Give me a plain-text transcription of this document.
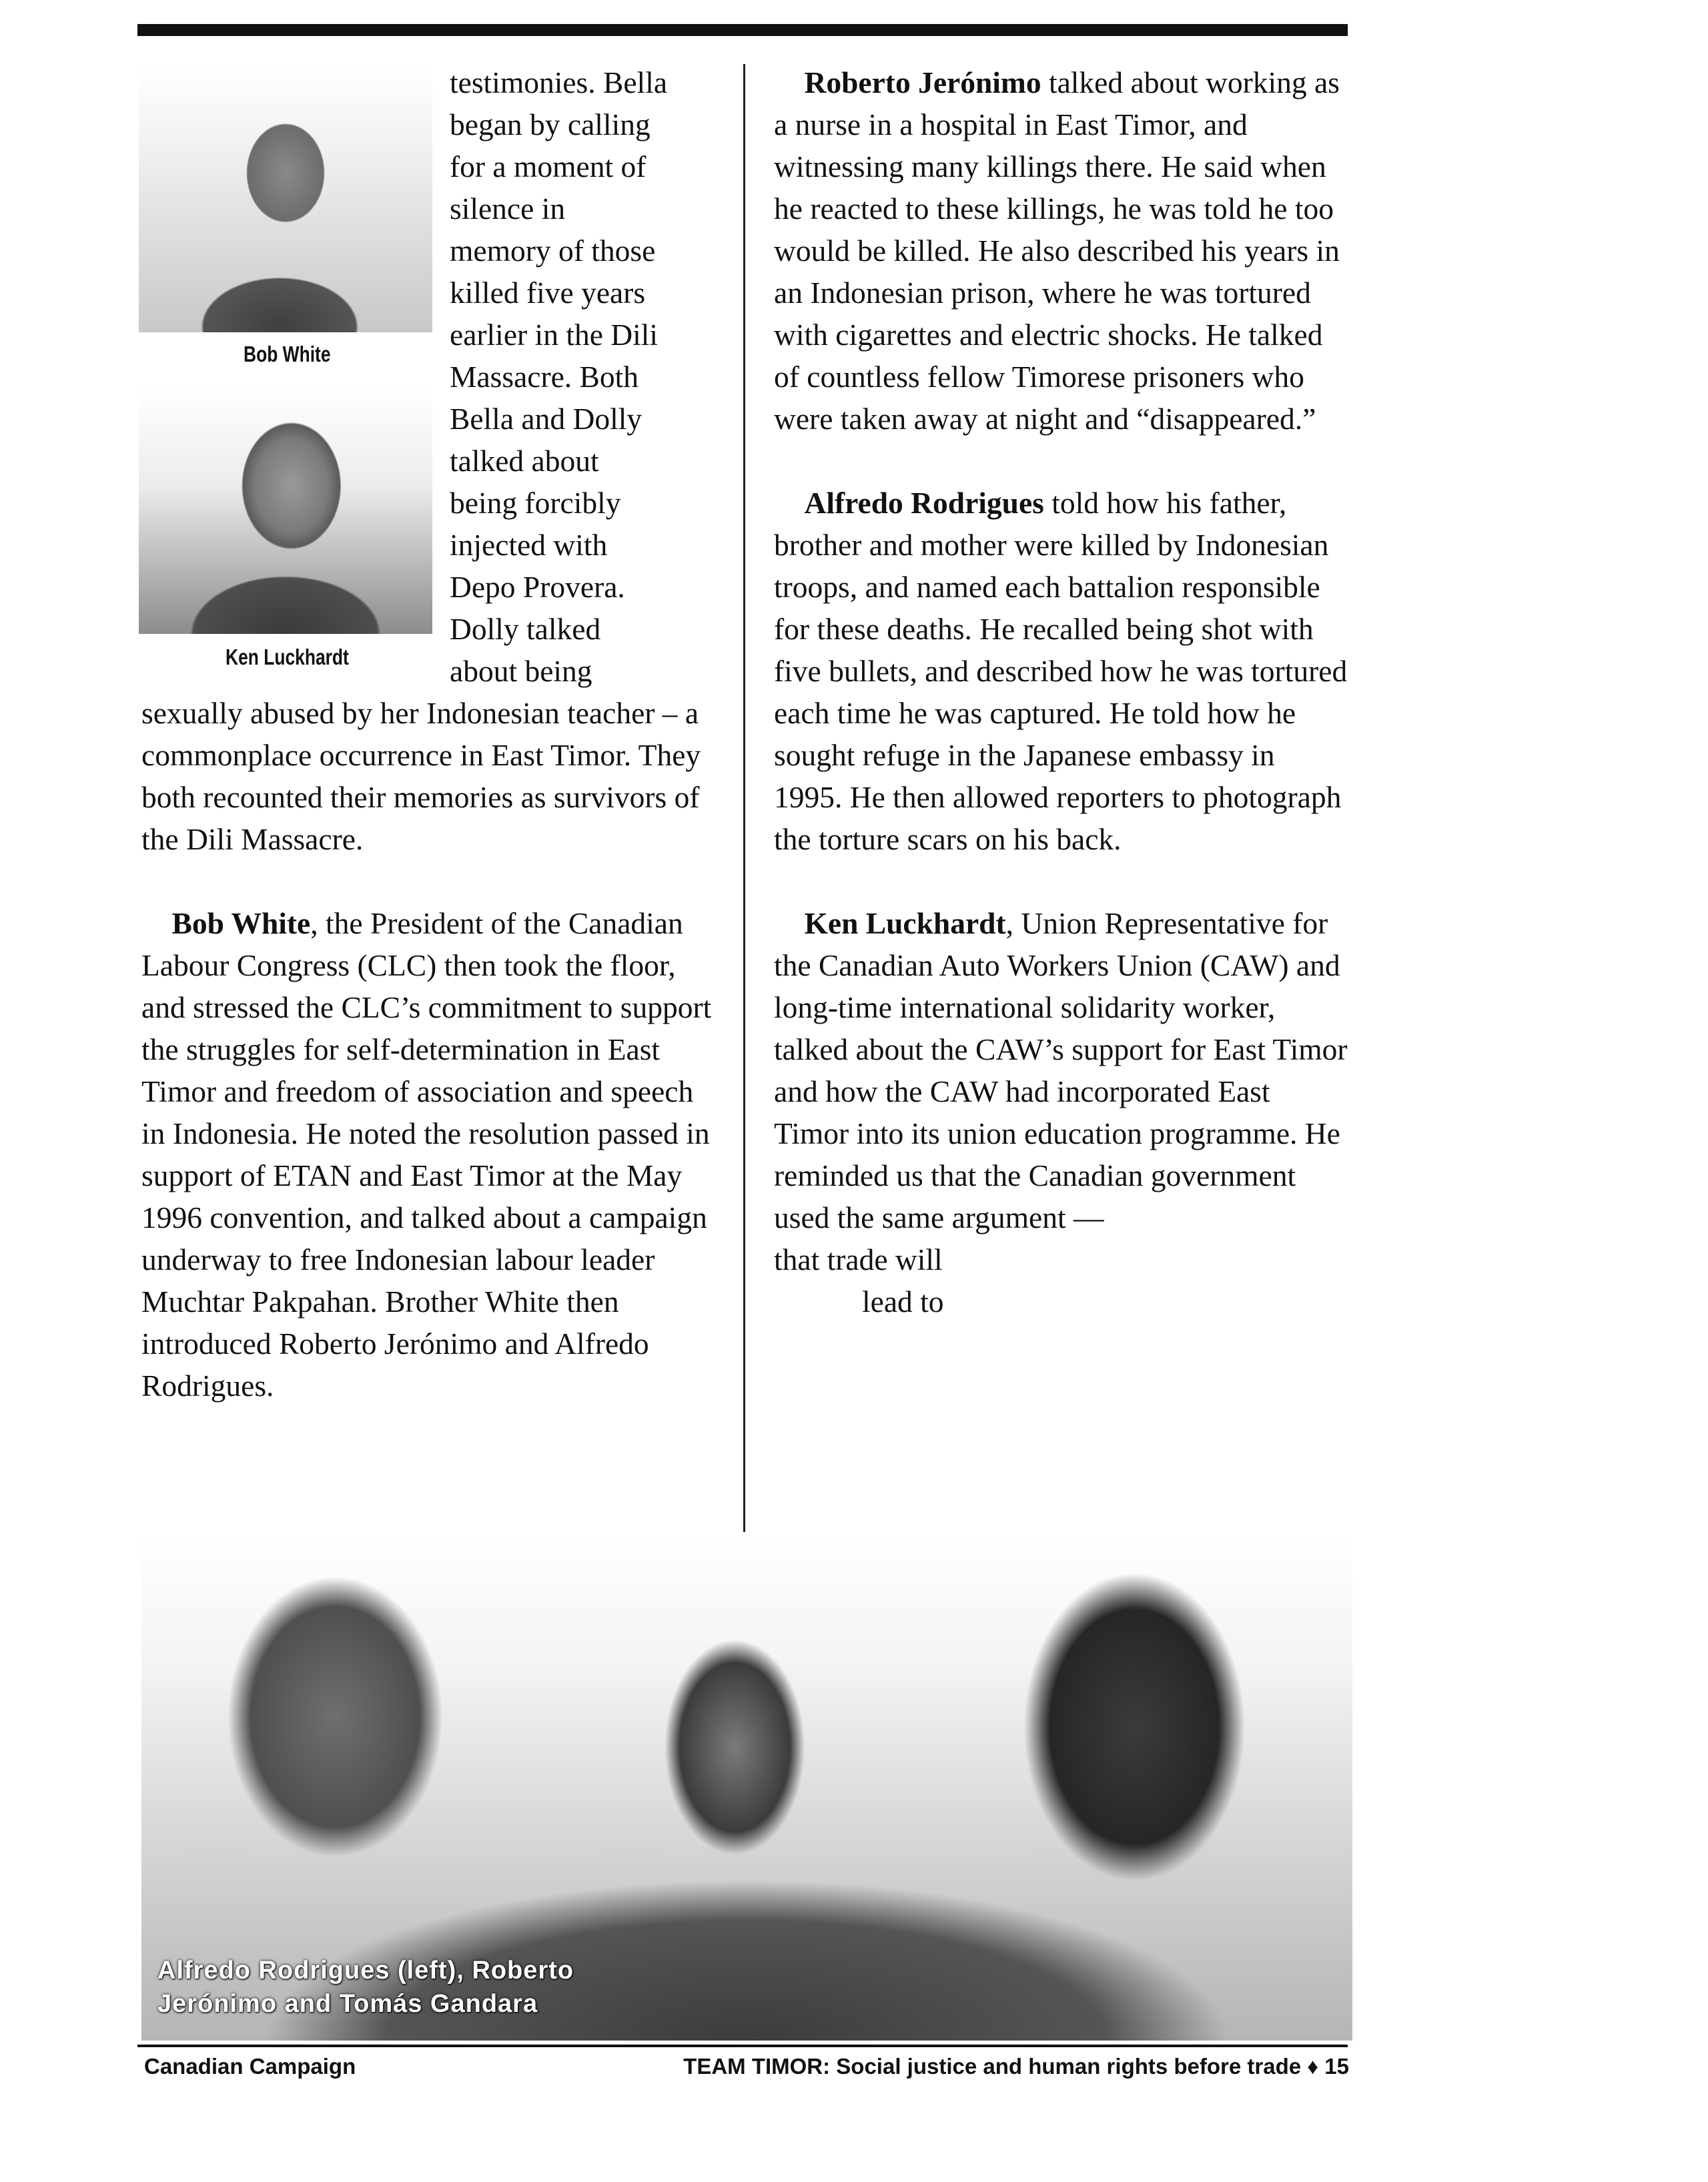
Bob White
Ken Luckhardt
testimonies. Bella
began by calling
for a moment of
silence in
memory of those
killed five years
earlier in the Dili
Massacre. Both
Bella and Dolly
talked about
being forcibly
injected with
Depo Provera.
Dolly talked
about being

sexually abused by her Indonesian teacher – a commonplace occurrence in East Timor. They both recounted their memories as survivors of the Dili Massacre.

 Bob White, the President of the Canadian Labour Congress (CLC) then took the floor, and stressed the CLC’s commitment to support the struggles for self-determination in East Timor and freedom of association and speech in Indonesia. He noted the resolution passed in support of ETAN and East Timor at the May 1996 convention, and talked about a campaign underway to free Indonesian labour leader Muchtar Pakpahan. Brother White then introduced Roberto Jerónimo and Alfredo Rodrigues.

 Roberto Jerónimo talked about working as a nurse in a hospital in East Timor, and witnessing many killings there. He said when he reacted to these killings, he was told he too would be killed. He also described his years in an Indonesian prison, where he was tortured with cigarettes and electric shocks. He talked of countless fellow Timorese prisoners who were taken away at night and “disappeared.”

 Alfredo Rodrigues told how his father, brother and mother were killed by Indonesian troops, and named each battalion responsible for these deaths. He recalled being shot with five bullets, and described how he was tortured each time he was captured. He told how he sought refuge in the Japanese embassy in 1995. He then allowed reporters to photograph the torture scars on his back.

 Ken Luckhardt, Union Representative for the Canadian Auto Workers Union (CAW) and long-time international solidarity worker, talked about the CAW’s support for East Timor and how the CAW had incorporated East Timor into its union education programme. He reminded us that the Canadian government used the same argument —

that trade will
lead to
Alfredo Rodrigues (left), Roberto Jerónimo and Tomás Gandara
Canadian Campaign	TEAM TIMOR: Social justice and human rights before trade ♦ 15
